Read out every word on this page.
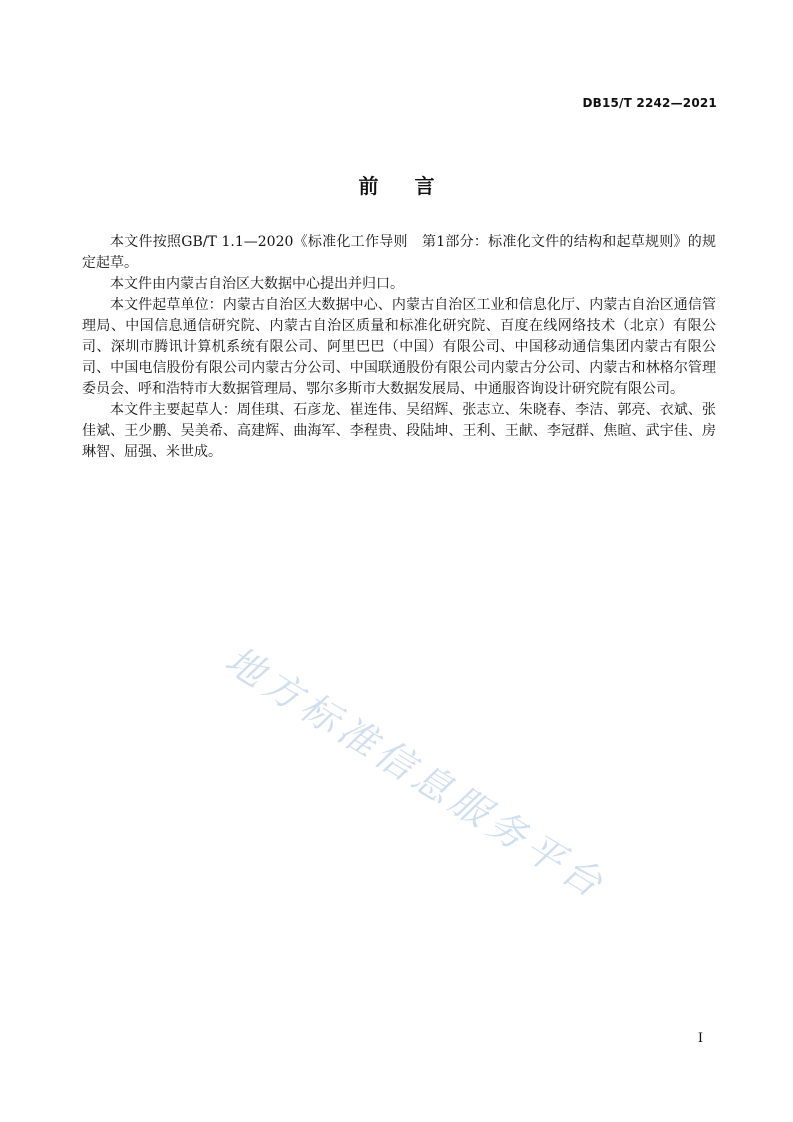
DB15/T 2242—2021
前言

本文件按照GB/T 1.1—2020《标准化工作导则　第1部分：标准化文件的结构和起草规则》的规定起草。

本文件由内蒙古自治区大数据中心提出并归口。

本文件起草单位：内蒙古自治区大数据中心、内蒙古自治区工业和信息化厅、内蒙古自治区通信管理局、中国信息通信研究院、内蒙古自治区质量和标准化研究院、百度在线网络技术（北京）有限公司、深圳市腾讯计算机系统有限公司、阿里巴巴（中国）有限公司、中国移动通信集团内蒙古有限公司、中国电信股份有限公司内蒙古分公司、中国联通股份有限公司内蒙古分公司、内蒙古和林格尔管理委员会、呼和浩特市大数据管理局、鄂尔多斯市大数据发展局、中通服咨询设计研究院有限公司。

本文件主要起草人：周佳琪、石彦龙、崔连伟、吴绍辉、张志立、朱晓春、李洁、郭亮、衣斌、张佳斌、王少鹏、吴美希、高建辉、曲海军、李程贵、段陆坤、王利、王献、李冠群、焦暄、武宇佳、房琳智、屈强、米世成。

地方标准信息服务平台
I
